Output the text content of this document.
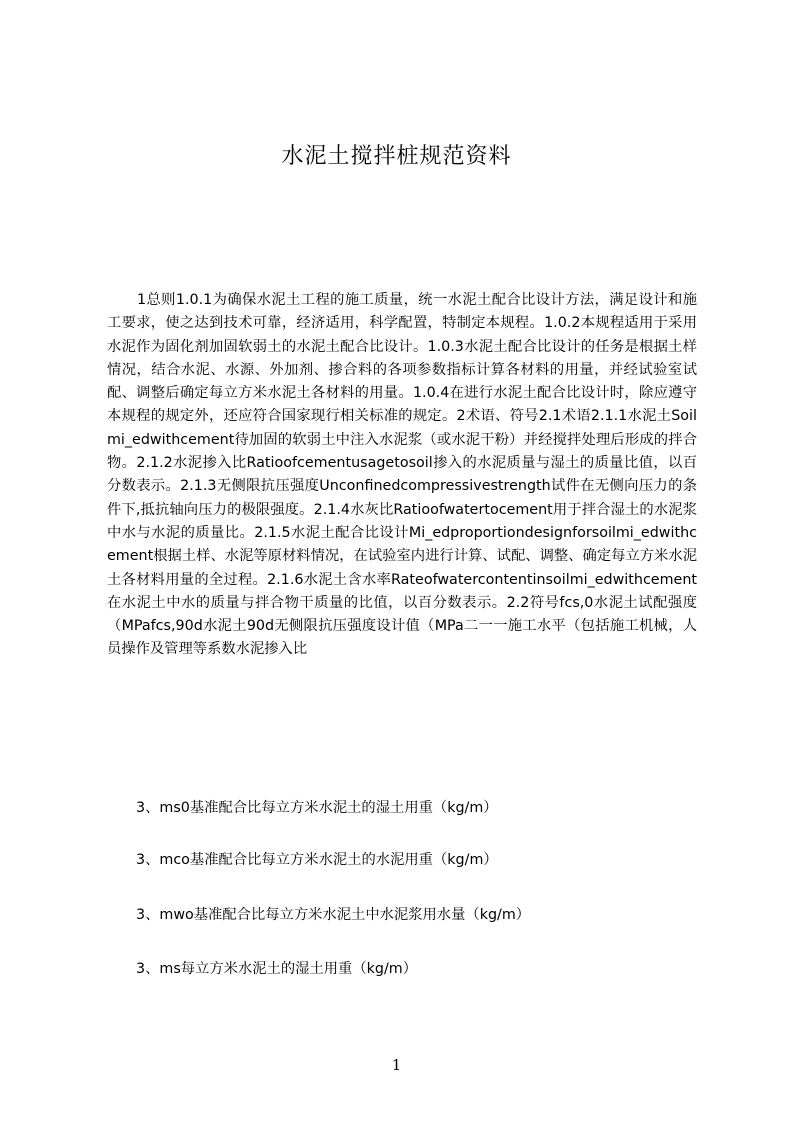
水泥土搅拌桩规范资料

1总则1.0.1为确保水泥土工程的施工质量，统一水泥土配合比设计方法，满足设计和施工要求，使之达到技术可靠，经济适用，科学配置，特制定本规程。1.0.2本规程适用于采用水泥作为固化剂加固软弱土的水泥土配合比设计。1.0.3水泥土配合比设计的任务是根据土样情况，结合水泥、水源、外加剂、掺合料的各项参数指标计算各材料的用量，并经试验室试配、调整后确定每立方米水泥土各材料的用量。1.0.4在进行水泥土配合比设计时，除应遵守本规程的规定外，还应符合国家现行相关标准的规定。2术语、符号2.1术语2.1.1水泥土Soilmi_edwithcement待加固的软弱土中注入水泥浆（或水泥干粉）并经搅拌处理后形成的拌合物。2.1.2水泥掺入比Ratioofcementusagetosoil掺入的水泥质量与湿土的质量比值，以百分数表示。2.1.3无侧限抗压强度Unconfinedcompressivestrength试件在无侧向压力的条件下,抵抗轴向压力的极限强度。2.1.4水灰比Ratioofwatertocement用于拌合湿土的水泥浆中水与水泥的质量比。2.1.5水泥土配合比设计Mi_edproportiondesignforsoilmi_edwithcement根据土样、水泥等原材料情况，在试验室内进行计算、试配、调整、确定每立方米水泥土各材料用量的全过程。2.1.6水泥土含水率Rateofwatercontentinsoilmi_edwithcement在水泥土中水的质量与拌合物干质量的比值，以百分数表示。2.2符号fcs,0水泥土试配强度（MPafcs,90d水泥土90d无侧限抗压强度设计值（MPa二一一施工水平（包括施工机械，人员操作及管理等系数水泥掺入比

3、ms0基准配合比每立方米水泥土的湿土用重（kg/m）
3、mco基准配合比每立方米水泥土的水泥用重（kg/m）
3、mwo基准配合比每立方米水泥土中水泥浆用水量（kg/m）
3、ms每立方米水泥土的湿土用重（kg/m）
1
